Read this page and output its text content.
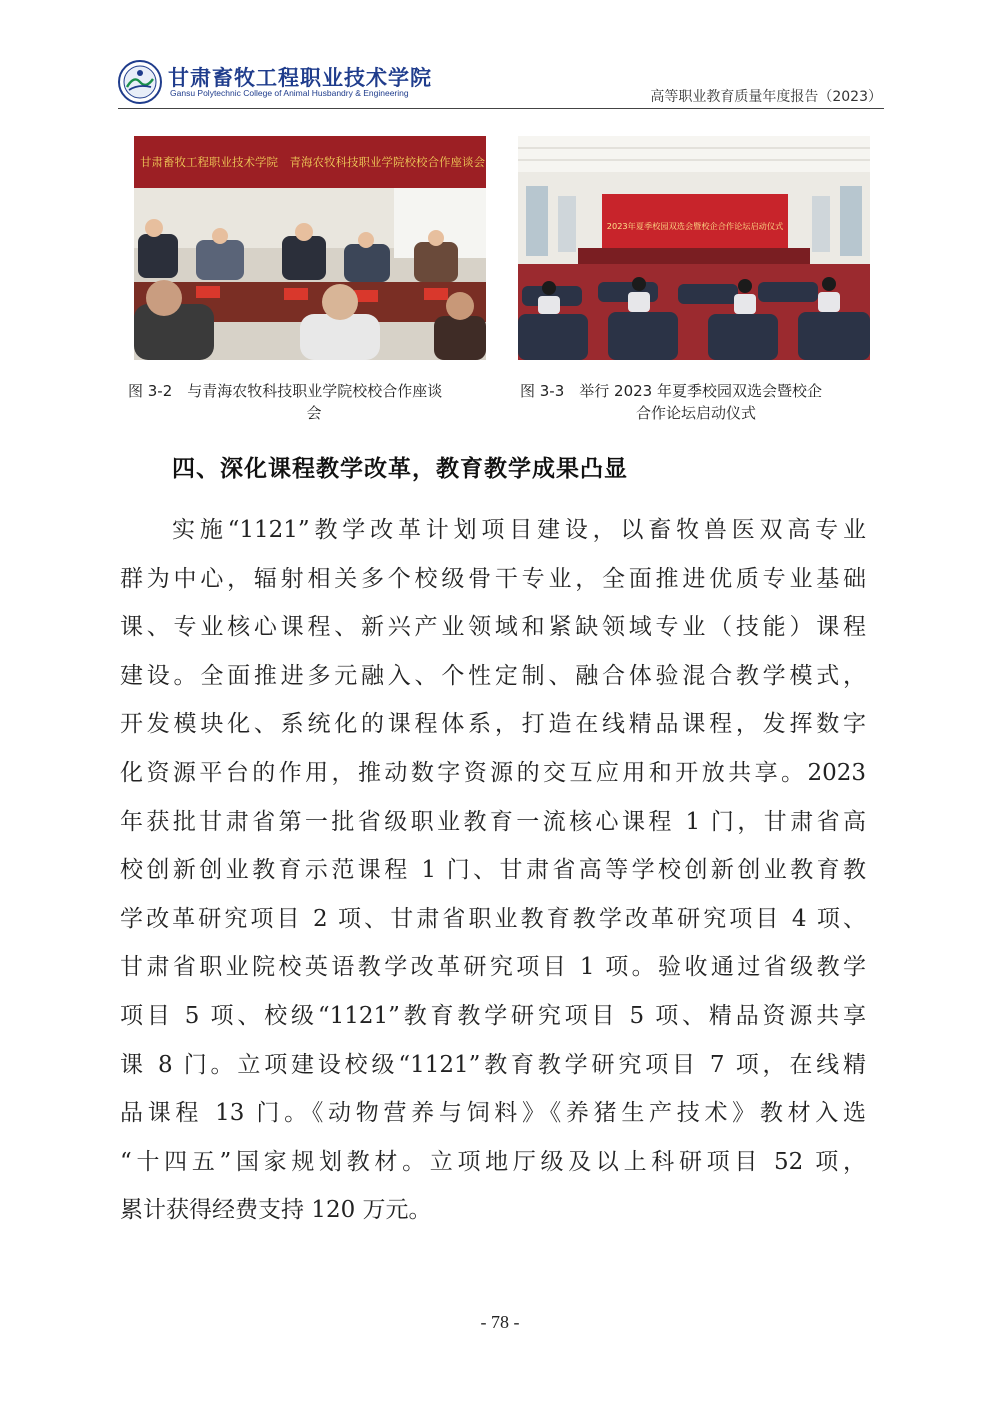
甘肃畜牧工程职业技术学院
Gansu Polytechnic College of Animal Husbandry & Engineering	高等职业教育质量年度报告（2023）
甘肃畜牧工程职业技术学院　青海农牧科技职业学院校校合作座谈会
2023年夏季校园双选会暨校企合作论坛启动仪式
图 3-2　与青海农牧科技职业学院校校合作座谈
会
图 3-3　举行 2023 年夏季校园双选会暨校企
合作论坛启动仪式
四、深化课程教学改革，教育教学成果凸显
实施“1121”教学改革计划项目建设，以畜牧兽医双高专业
群为中心，辐射相关多个校级骨干专业，全面推进优质专业基础
课、专业核心课程、新兴产业领域和紧缺领域专业（技能）课程
建设。全面推进多元融入、个性定制、融合体验混合教学模式，
开发模块化、系统化的课程体系，打造在线精品课程，发挥数字
化资源平台的作用，推动数字资源的交互应用和开放共享。2023
年获批甘肃省第一批省级职业教育一流核心课程 1 门，甘肃省高
校创新创业教育示范课程 1 门、甘肃省高等学校创新创业教育教
学改革研究项目 2 项、甘肃省职业教育教学改革研究项目 4 项、
甘肃省职业院校英语教学改革研究项目 1 项。验收通过省级教学
项目 5 项、校级“1121”教育教学研究项目 5 项、精品资源共享
课 8 门。立项建设校级“1121”教育教学研究项目 7 项，在线精
品课程 13 门。《动物营养与饲料》《养猪生产技术》教材入选
“十四五”国家规划教材。立项地厅级及以上科研项目 52 项，
累计获得经费支持 120 万元。
- 78 -
